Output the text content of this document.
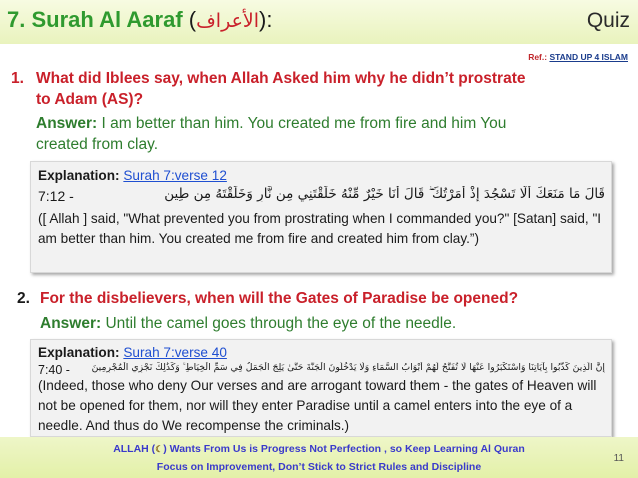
7. Surah Al Aaraf (الأعراف):	Quiz
Ref.: STAND UP 4 ISLAM
1. What did Iblees say, when Allah Asked him why he didn’t prostrate
to Adam (AS)?
Answer: I am better than him. You created me from fire and him You
created from clay.
Explanation: Surah 7:verse 12
7:12 -	قَالَ مَا مَنَعَكَ أَلَّا تَسْجُدَ إِذْ أَمَرْتُكَ ۖ قَالَ أَنَا خَيْرٌ مِّنْهُ خَلَقْتَنِي مِن نَّارٍ وَخَلَقْتَهُ مِن طِينٍ
([ Allah ] said, "What prevented you from prostrating when I commanded you?" [Satan] said, "I am better than him. You created me from fire and created him from clay.”)
2. For the disbelievers, when will the Gates of Paradise be opened?
Answer: Until the camel goes through the eye of the needle.
Explanation: Surah 7:verse 40
7:40 -	إِنَّ الَّذِينَ كَذَّبُوا بِآيَاتِنَا وَاسْتَكْبَرُوا عَنْهَا لَا تُفَتَّحُ لَهُمْ أَبْوَابُ السَّمَاءِ وَلَا يَدْخُلُونَ الْجَنَّةَ حَتَّىٰ يَلِجَ الْجَمَلُ فِي سَمِّ الْخِيَاطِ ۚ وَكَذَٰلِكَ نَجْزِي الْمُجْرِمِينَ
(Indeed, those who deny Our verses and are arrogant toward them - the gates of Heaven will not be opened for them, nor will they enter Paradise until a camel enters into the eye of a needle. And thus do We recompense the criminals.)
ALLAH (☾) Wants From Us is Progress Not Perfection , so Keep Learning Al Quran
Focus on Improvement, Don’t Stick to Strict Rules and Discipline
11
